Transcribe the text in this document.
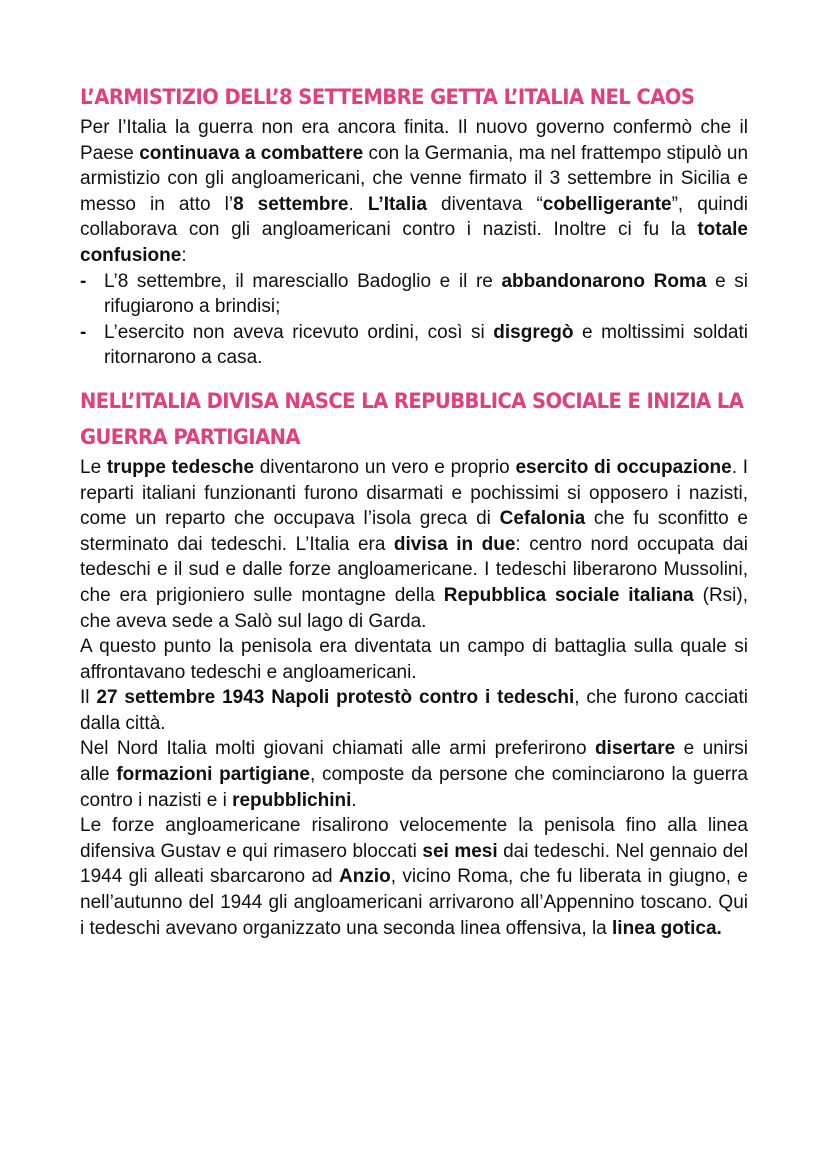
L’ARMISTIZIO DELL’8 SETTEMBRE GETTA L’ITALIA NEL CAOS

Per l’Italia la guerra non era ancora finita. Il nuovo governo confermò che il Paese continuava a combattere con la Germania, ma nel frattempo stipulò un armistizio con gli angloamericani, che venne firmato il 3 settembre in Sicilia e messo in atto l’8 settembre. L’Italia diventava “cobelligerante”, quindi collaborava con gli angloamericani contro i nazisti. Inoltre ci fu la totale confusione:

- L’8 settembre, il maresciallo Badoglio e il re abbandonarono Roma e si rifugiarono a brindisi;
- L’esercito non aveva ricevuto ordini, così si disgregò e moltissimi soldati ritornarono a casa.
NELL’ITALIA DIVISA NASCE LA REPUBBLICA SOCIALE E INIZIA LA
GUERRA PARTIGIANA

Le truppe tedesche diventarono un vero e proprio esercito di occupazione. I reparti italiani funzionanti furono disarmati e pochissimi si opposero i nazisti, come un reparto che occupava l’isola greca di Cefalonia che fu sconfitto e sterminato dai tedeschi. L’Italia era divisa in due: centro nord occupata dai tedeschi e il sud e dalle forze angloamericane. I tedeschi liberarono Mussolini, che era prigioniero sulle montagne della Repubblica sociale italiana (Rsi), che aveva sede a Salò sul lago di Garda.

A questo punto la penisola era diventata un campo di battaglia sulla quale si affrontavano tedeschi e angloamericani.

Il 27 settembre 1943 Napoli protestò contro i tedeschi, che furono cacciati dalla città.

Nel Nord Italia molti giovani chiamati alle armi preferirono disertare e unirsi alle formazioni partigiane, composte da persone che cominciarono la guerra contro i nazisti e i repubblichini.

Le forze angloamericane risalirono velocemente la penisola fino alla linea difensiva Gustav e qui rimasero bloccati sei mesi dai tedeschi. Nel gennaio del 1944 gli alleati sbarcarono ad Anzio, vicino Roma, che fu liberata in giugno, e nell’autunno del 1944 gli angloamericani arrivarono all’Appennino toscano. Qui i tedeschi avevano organizzato una seconda linea offensiva, la linea gotica.
